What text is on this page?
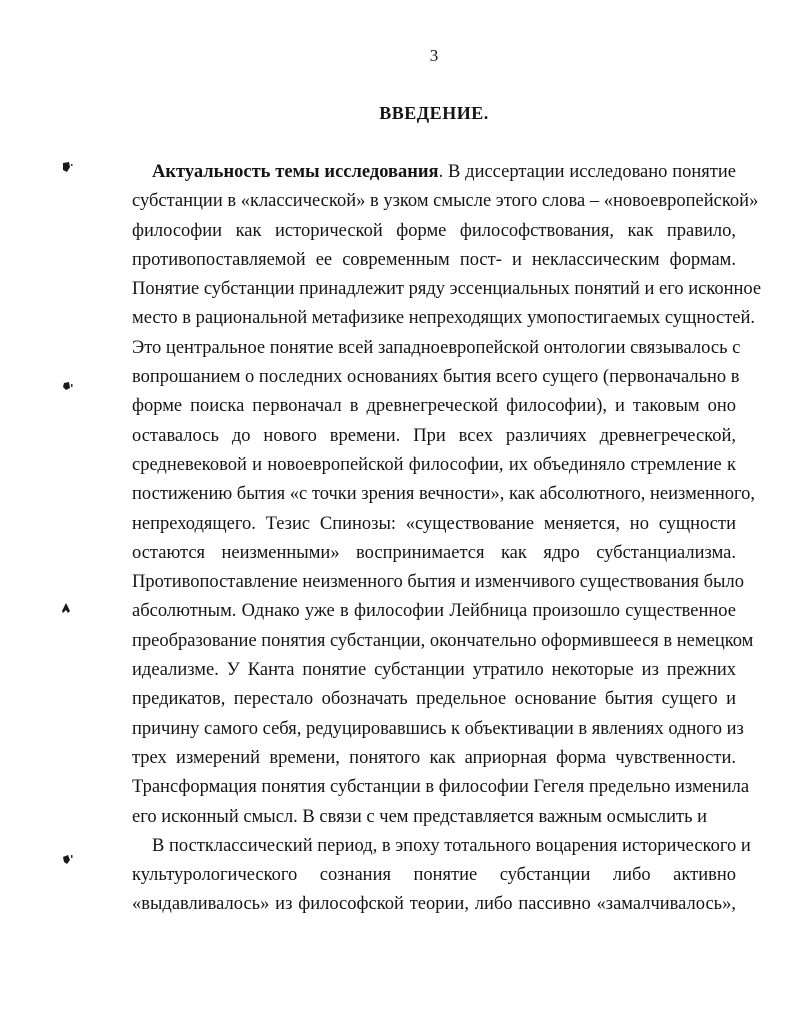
3
ВВЕДЕНИЕ.

Актуальность темы исследования. В диссертации исследовано понятие
субстанции в «классической» в узком смысле этого слова – «новоевропейской»
философии как исторической форме философствования, как правило,
противопоставляемой ее современным пост- и неклассическим формам.
Понятие субстанции принадлежит ряду эссенциальных понятий и его исконное
место в рациональной метафизике непреходящих умопостигаемых сущностей.
Это центральное понятие всей западноевропейской онтологии связывалось с
вопрошанием о последних основаниях бытия всего сущего (первоначально в
форме поиска первоначал в древнегреческой философии), и таковым оно
оставалось до нового времени. При всех различиях древнегреческой,
средневековой и новоевропейской философии, их объединяло стремление к
постижению бытия «с точки зрения вечности», как абсолютного, неизменного,
непреходящего. Тезис Спинозы: «существование меняется, но сущности
остаются неизменными» воспринимается как ядро субстанциализма.
Противопоставление неизменного бытия и изменчивого существования было
абсолютным. Однако уже в философии Лейбница произошло существенное
преобразование понятия субстанции, окончательно оформившееся в немецком
идеализме. У Канта понятие субстанции утратило некоторые из прежних
предикатов, перестало обозначать предельное основание бытия сущего и
причину самого себя, редуцировавшись к объективации в явлениях одного из
трех измерений времени, понятого как априорная форма чувственности.
Трансформация понятия субстанции в философии Гегеля предельно изменила
его исконный смысл. В связи с чем представляется важным осмыслить и

В постклассический период, в эпоху тотального воцарения исторического и
культурологического сознания понятие субстанции либо активно
«выдавливалось» из философской теории, либо пассивно «замалчивалось»,
